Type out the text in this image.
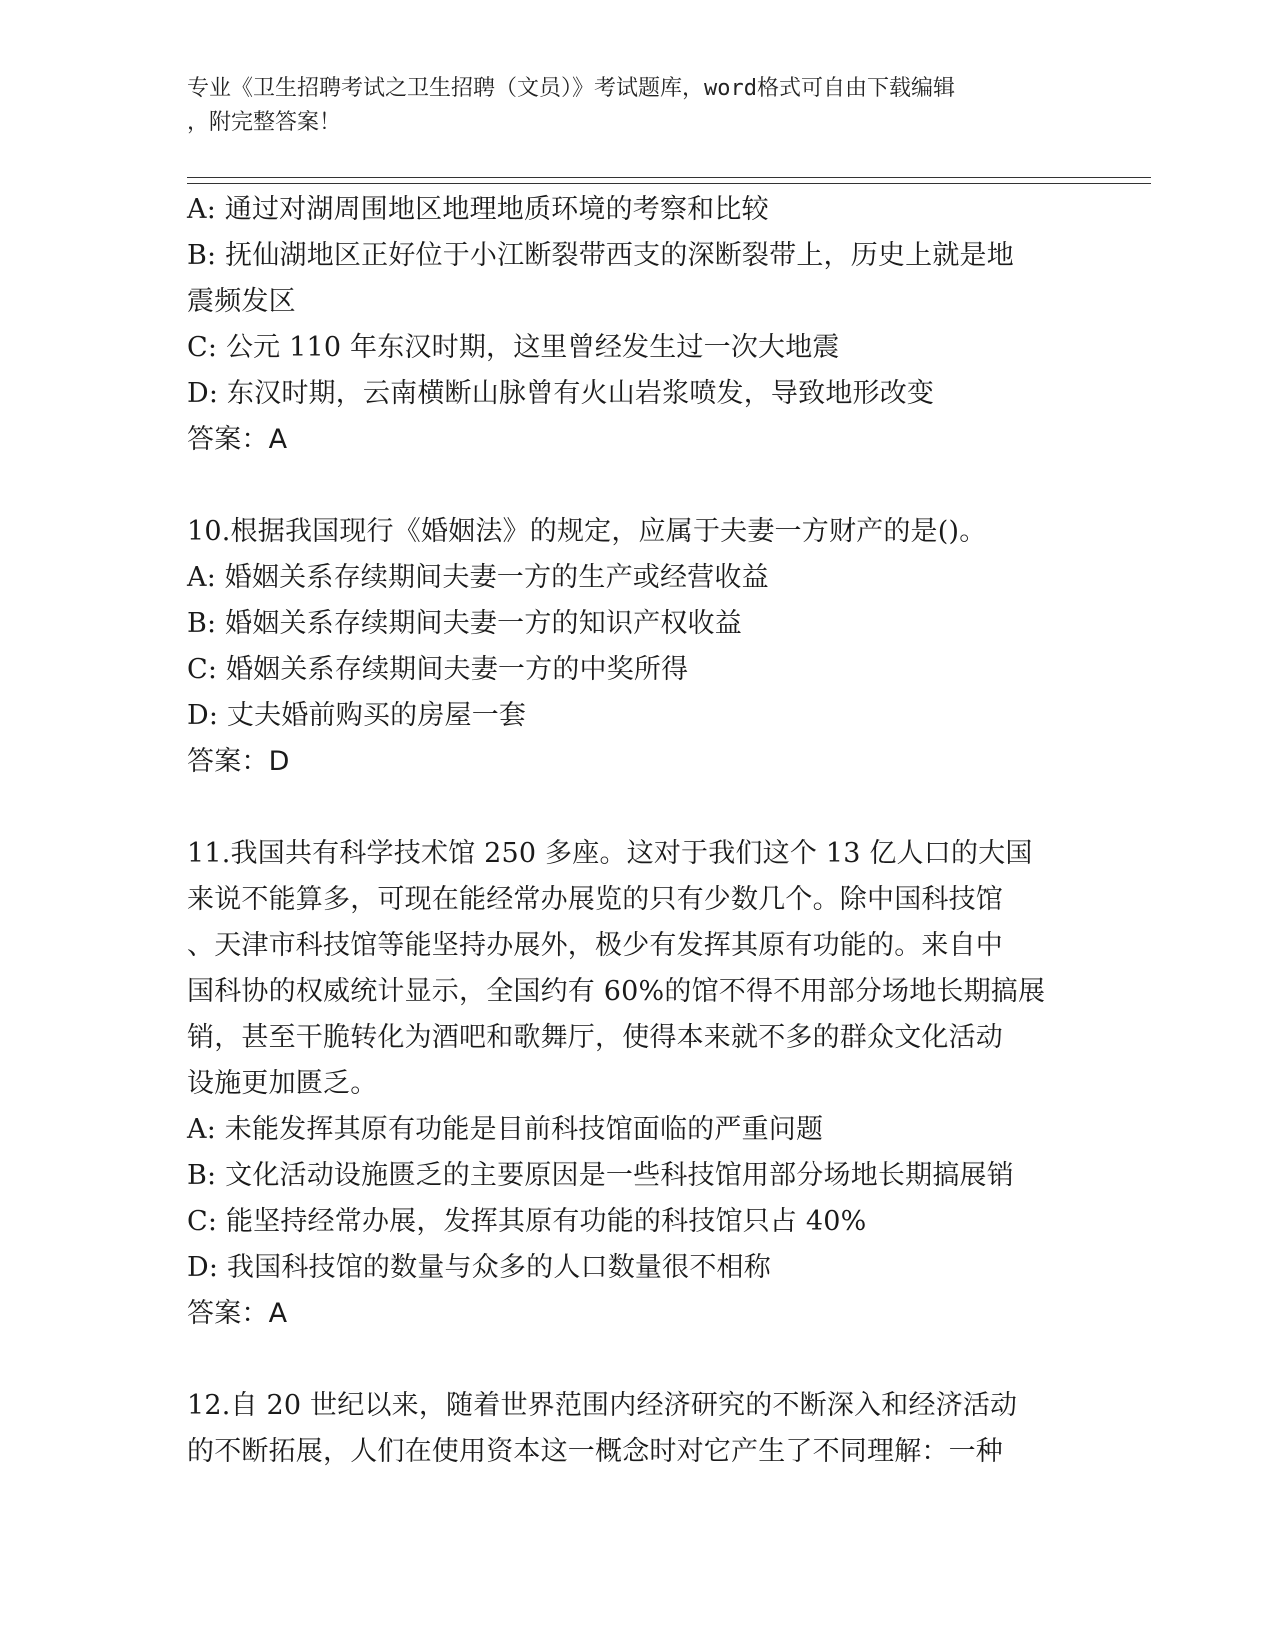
专业《卫生招聘考试之卫生招聘（文员）》考试题库，word格式可自由下载编辑
，附完整答案！
A: 通过对湖周围地区地理地质环境的考察和比较
B: 抚仙湖地区正好位于小江断裂带西支的深断裂带上，历史上就是地
震频发区
C: 公元 110 年东汉时期，这里曾经发生过一次大地震
D: 东汉时期，云南横断山脉曾有火山岩浆喷发，导致地形改变
答案：A
10.根据我国现行《婚姻法》的规定，应属于夫妻一方财产的是()。
A: 婚姻关系存续期间夫妻一方的生产或经营收益
B: 婚姻关系存续期间夫妻一方的知识产权收益
C: 婚姻关系存续期间夫妻一方的中奖所得
D: 丈夫婚前购买的房屋一套
答案：D
11.我国共有科学技术馆 250 多座。这对于我们这个 13 亿人口的大国
来说不能算多，可现在能经常办展览的只有少数几个。除中国科技馆
、天津市科技馆等能坚持办展外，极少有发挥其原有功能的。来自中
国科协的权威统计显示，全国约有 60%的馆不得不用部分场地长期搞展
销，甚至干脆转化为酒吧和歌舞厅，使得本来就不多的群众文化活动
设施更加匮乏。
A: 未能发挥其原有功能是目前科技馆面临的严重问题
B: 文化活动设施匮乏的主要原因是一些科技馆用部分场地长期搞展销
C: 能坚持经常办展，发挥其原有功能的科技馆只占 40%
D: 我国科技馆的数量与众多的人口数量很不相称
答案：A
12.自 20 世纪以来，随着世界范围内经济研究的不断深入和经济活动
的不断拓展，人们在使用资本这一概念时对它产生了不同理解：一种
